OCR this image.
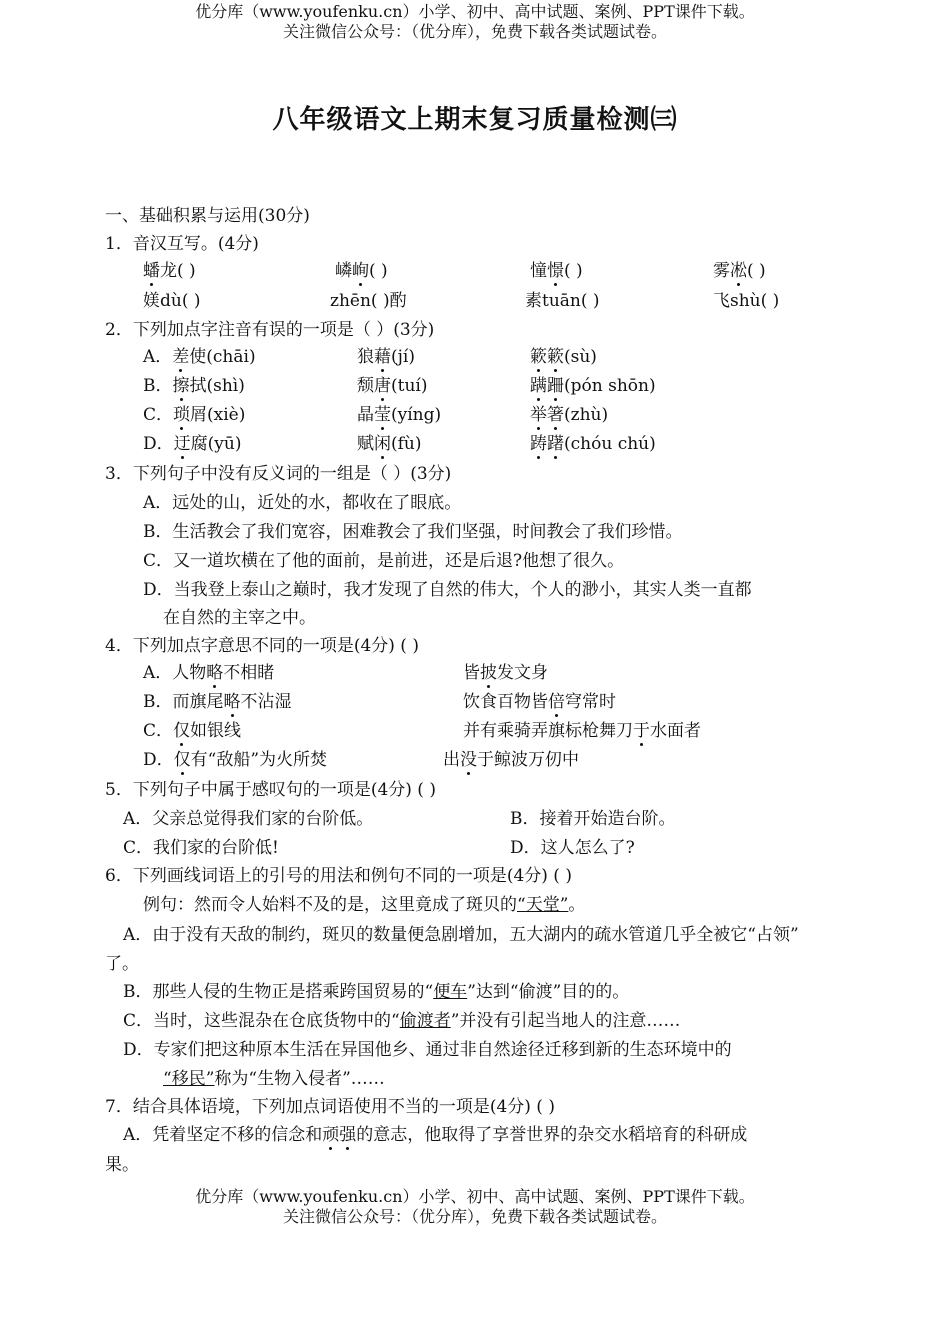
优分库（www.youfenku.cn）小学、初中、高中试题、案例、PPT课件下载。
关注微信公众号：（优分库），免费下载各类试题试卷。
八年级语文上期末复习质量检测㈢
一、基础积累与运用(30分)
1．音汉互写。(4分)
蟠龙( )	嶙峋( )	憧憬( )	雾凇( )
媄dù( )	zhēn( )酌	素tuān( )	飞shù( )
2．下列加点字注音有误的一项是（ ）(3分)
A．差使(chāi)	狼藉(jí)	簌簌(sù)
B．擦拭(shì)	颓唐(tuí)	蹒跚(pón shōn)
C．琐屑(xiè)	晶莹(yíng)	举箸(zhù)
D．迂腐(yū)	赋闲(fù)	踌躇(chóu chú)
3．下列句子中没有反义词的一组是（ ）(3分)
A．远处的山，近处的水，都收在了眼底。
B．生活教会了我们宽容，困难教会了我们坚强，时间教会了我们珍惜。
C．又一道坎横在了他的面前，是前进，还是后退?他想了很久。
D．当我登上泰山之巅时，我才发现了自然的伟大，个人的渺小，其实人类一直都
在自然的主宰之中。
4．下列加点字意思不同的一项是(4分) ( )
A．人物略不相睹	皆披发文身
B．而旗尾略不沾湿	饮食百物皆倍穹常时
C．仅如银线	并有乘骑弄旗标枪舞刀于水面者
D．仅有“敌船”为火所焚	出没于鲸波万仞中
5．下列句子中属于感叹句的一项是(4分) ( )
A．父亲总觉得我们家的台阶低。	B．接着开始造台阶。
C．我们家的台阶低!	D．这人怎么了?
6．下列画线词语上的引号的用法和例句不同的一项是(4分) ( )
例句：然而令人始料不及的是，这里竟成了斑贝的“天堂”。
A．由于没有天敌的制约，斑贝的数量便急剧增加，五大湖内的疏水管道几乎全被它“占领”
了。
B．那些人侵的生物正是搭乘跨国贸易的“便车”达到“偷渡”目的的。
C．当时，这些混杂在仓底货物中的“偷渡者”并没有引起当地人的注意……
D．专家们把这种原本生活在异国他乡、通过非自然途径迁移到新的生态环境中的
“移民”称为“生物入侵者”……
7．结合具体语境，下列加点词语使用不当的一项是(4分) ( )
A．凭着坚定不移的信念和顽强的意志，他取得了享誉世界的杂交水稻培育的科研成
果。
优分库（www.youfenku.cn）小学、初中、高中试题、案例、PPT课件下载。
关注微信公众号：（优分库），免费下载各类试题试卷。
